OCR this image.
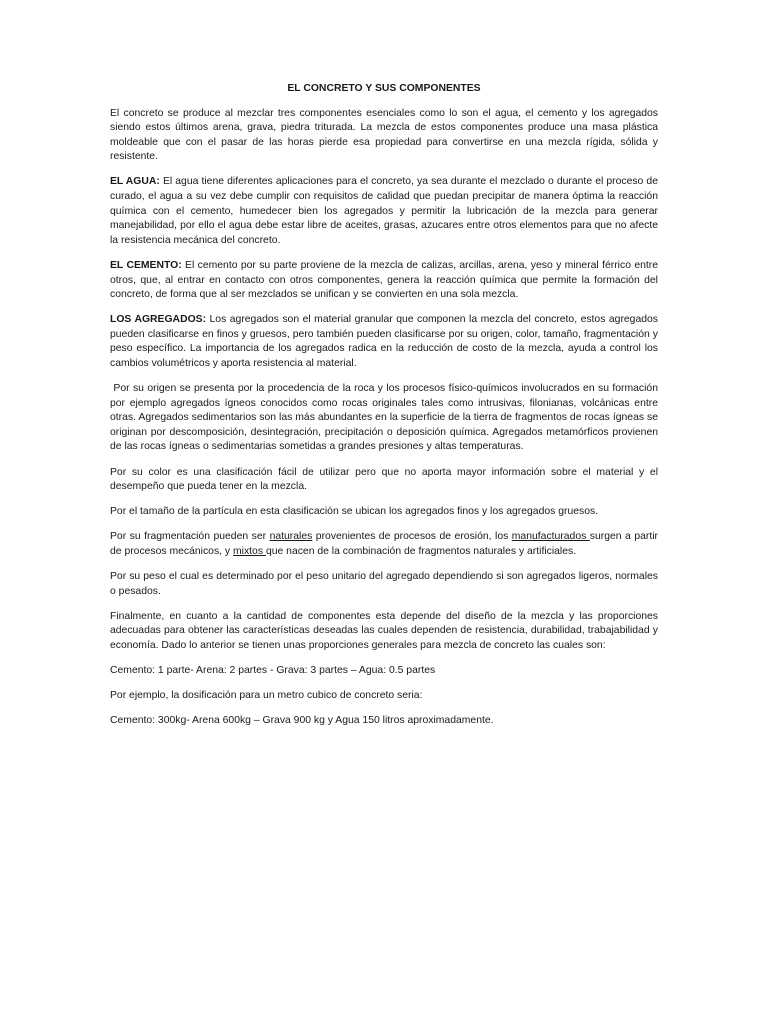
EL CONCRETO Y SUS COMPONENTES

El concreto se produce al mezclar tres componentes esenciales como lo son el agua, el cemento y los agregados siendo estos últimos arena, grava, piedra triturada. La mezcla de estos componentes produce una masa plástica moldeable que con el pasar de las horas pierde esa propiedad para convertirse en una mezcla rígida, sólida y resistente.

EL AGUA: El agua tiene diferentes aplicaciones para el concreto, ya sea durante el mezclado o durante el proceso de curado, el agua a su vez debe cumplir con requisitos de calidad que puedan precipitar de manera óptima la reacción química con el cemento, humedecer bien los agregados y permitir la lubricación de la mezcla para generar manejabilidad, por ello el agua debe estar libre de aceites, grasas, azucares entre otros elementos para que no afecte la resistencia mecánica del concreto.

EL CEMENTO: El cemento por su parte proviene de la mezcla de calizas, arcillas, arena, yeso y mineral férrico entre otros, que, al entrar en contacto con otros componentes, genera la reacción química que permite la formación del concreto, de forma que al ser mezclados se unifican y se convierten en una sola mezcla.

LOS AGREGADOS: Los agregados son el material granular que componen la mezcla del concreto, estos agregados pueden clasificarse en finos y gruesos, pero también pueden clasificarse por su origen, color, tamaño, fragmentación y peso específico. La importancia de los agregados radica en la reducción de costo de la mezcla, ayuda a control los cambios volumétricos y aporta resistencia al material.

Por su origen se presenta por la procedencia de la roca y los procesos físico-químicos involucrados en su formación por ejemplo agregados ígneos conocidos como rocas originales tales como intrusivas, filonianas, volcánicas entre otras. Agregados sedimentarios son las más abundantes en la superficie de la tierra de fragmentos de rocas ígneas se originan por descomposición, desintegración, precipitación o deposición química. Agregados metamórficos provienen de las rocas ígneas o sedimentarias sometidas a grandes presiones y altas temperaturas.

Por su color es una clasificación fácil de utilizar pero que no aporta mayor información sobre el material y el desempeño que pueda tener en la mezcla.

Por el tamaño de la partícula en esta clasificación se ubican los agregados finos y los agregados gruesos.

Por su fragmentación pueden ser naturales provenientes de procesos de erosión, los manufacturados surgen a partir de procesos mecánicos, y mixtos que nacen de la combinación de fragmentos naturales y artificiales.

Por su peso el cual es determinado por el peso unitario del agregado dependiendo si son agregados ligeros, normales o pesados.

Finalmente, en cuanto a la cantidad de componentes esta depende del diseño de la mezcla y las proporciones adecuadas para obtener las características deseadas las cuales dependen de resistencia, durabilidad, trabajabilidad y economía. Dado lo anterior se tienen unas proporciones generales para mezcla de concreto las cuales son:

Cemento: 1 parte- Arena: 2 partes - Grava: 3 partes – Agua: 0.5 partes

Por ejemplo, la dosificación para un metro cubico de concreto seria:

Cemento: 300kg- Arena 600kg – Grava 900 kg y Agua 150 litros aproximadamente.
